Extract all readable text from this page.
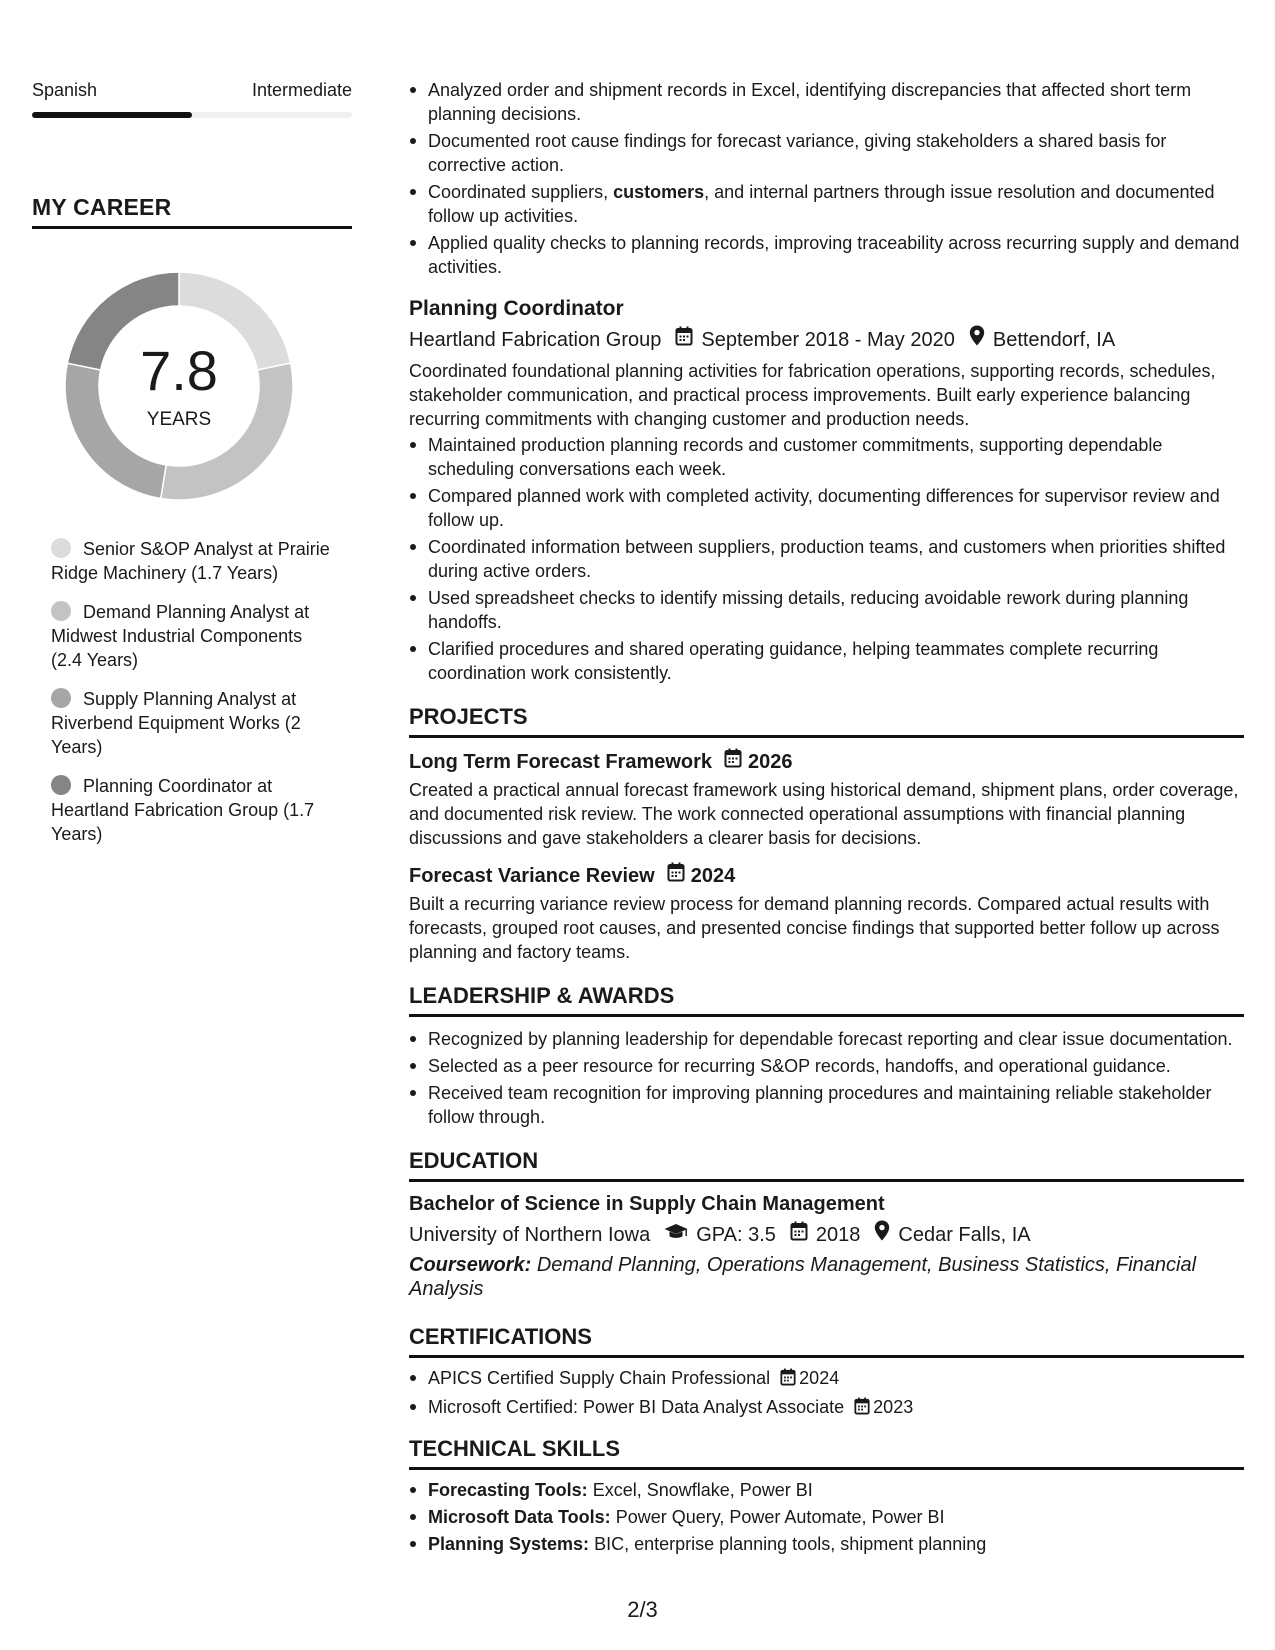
Spanish	Intermediate
MY CAREER
7.8
YEARS
Senior S&OP Analyst at Prairie Ridge Machinery (1.7 Years)
Demand Planning Analyst at Midwest Industrial Components (2.4 Years)
Supply Planning Analyst at Riverbend Equipment Works (2 Years)
Planning Coordinator at Heartland Fabrication Group (1.7 Years)
Analyzed order and shipment records in Excel, identifying discrepancies that affected short term planning decisions.
Documented root cause findings for forecast variance, giving stakeholders a shared basis for corrective action.
Coordinated suppliers, customers, and internal partners through issue resolution and documented follow up activities.
Applied quality checks to planning records, improving traceability across recurring supply and demand activities.
Planning Coordinator
Heartland Fabrication Group September 2018 - May 2020 Bettendorf, IA
Coordinated foundational planning activities for fabrication operations, supporting records, schedules, stakeholder communication, and practical process improvements. Built early experience balancing recurring commitments with changing customer and production needs.
Maintained production planning records and customer commitments, supporting dependable scheduling conversations each week.
Compared planned work with completed activity, documenting differences for supervisor review and follow up.
Coordinated information between suppliers, production teams, and customers when priorities shifted during active orders.
Used spreadsheet checks to identify missing details, reducing avoidable rework during planning handoffs.
Clarified procedures and shared operating guidance, helping teammates complete recurring coordination work consistently.
PROJECTS
Long Term Forecast Framework 2026
Created a practical annual forecast framework using historical demand, shipment plans, order coverage, and documented risk review. The work connected operational assumptions with financial planning discussions and gave stakeholders a clearer basis for decisions.
Forecast Variance Review 2024
Built a recurring variance review process for demand planning records. Compared actual results with forecasts, grouped root causes, and presented concise findings that supported better follow up across planning and factory teams.
LEADERSHIP & AWARDS
Recognized by planning leadership for dependable forecast reporting and clear issue documentation.
Selected as a peer resource for recurring S&OP records, handoffs, and operational guidance.
Received team recognition for improving planning procedures and maintaining reliable stakeholder follow through.
EDUCATION
Bachelor of Science in Supply Chain Management
University of Northern Iowa GPA: 3.5 2018 Cedar Falls, IA
Coursework: Demand Planning, Operations Management, Business Statistics, Financial Analysis
CERTIFICATIONS
APICS Certified Supply Chain Professional 2024
Microsoft Certified: Power BI Data Analyst Associate 2023
TECHNICAL SKILLS
Forecasting Tools: Excel, Snowflake, Power BI
Microsoft Data Tools: Power Query, Power Automate, Power BI
Planning Systems: BIC, enterprise planning tools, shipment planning
2/3
